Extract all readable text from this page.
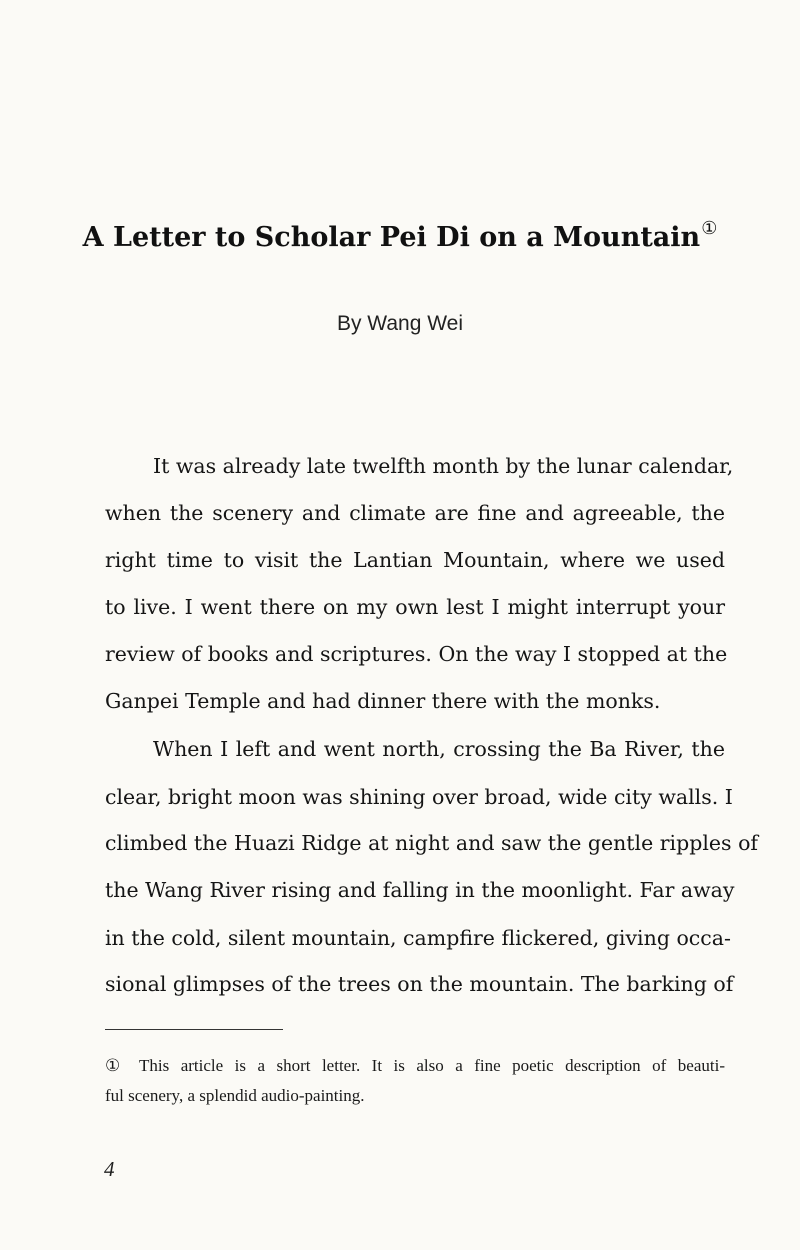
A Letter to Scholar Pei Di on a Mountain①
By Wang Wei
It was already late twelfth month by the lunar calendar,
when the scenery and climate are fine and agreeable, the
right time to visit the Lantian Mountain, where we used
to live. I went there on my own lest I might interrupt your
review of books and scriptures. On the way I stopped at the
Ganpei Temple and had dinner there with the monks.
When I left and went north, crossing the Ba River, the
clear, bright moon was shining over broad, wide city walls. I
climbed the Huazi Ridge at night and saw the gentle ripples of
the Wang River rising and falling in the moonlight. Far away
in the cold, silent mountain, campfire flickered, giving occa-
sional glimpses of the trees on the mountain. The barking of
① This article is a short letter. It is also a fine poetic description of beauti-
ful scenery, a splendid audio-painting.
4
